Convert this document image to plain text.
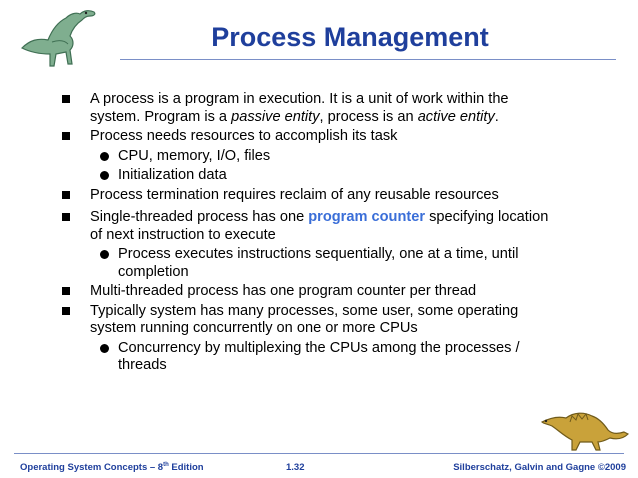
Process Management
A process is a program in execution. It is a unit of work within the system. Program is a passive entity, process is an active entity.
Process needs resources to accomplish its task
CPU, memory, I/O, files
Initialization data
Process termination requires reclaim of any reusable resources
Single-threaded process has one program counter specifying location of next instruction to execute
Process executes instructions sequentially, one at a time, until completion
Multi-threaded process has one program counter per thread
Typically system has many processes, some user, some operating system running concurrently on one or more CPUs
Concurrency by multiplexing the CPUs among the processes / threads
Operating System Concepts – 8th Edition	1.32	Silberschatz, Galvin and Gagne ©2009
